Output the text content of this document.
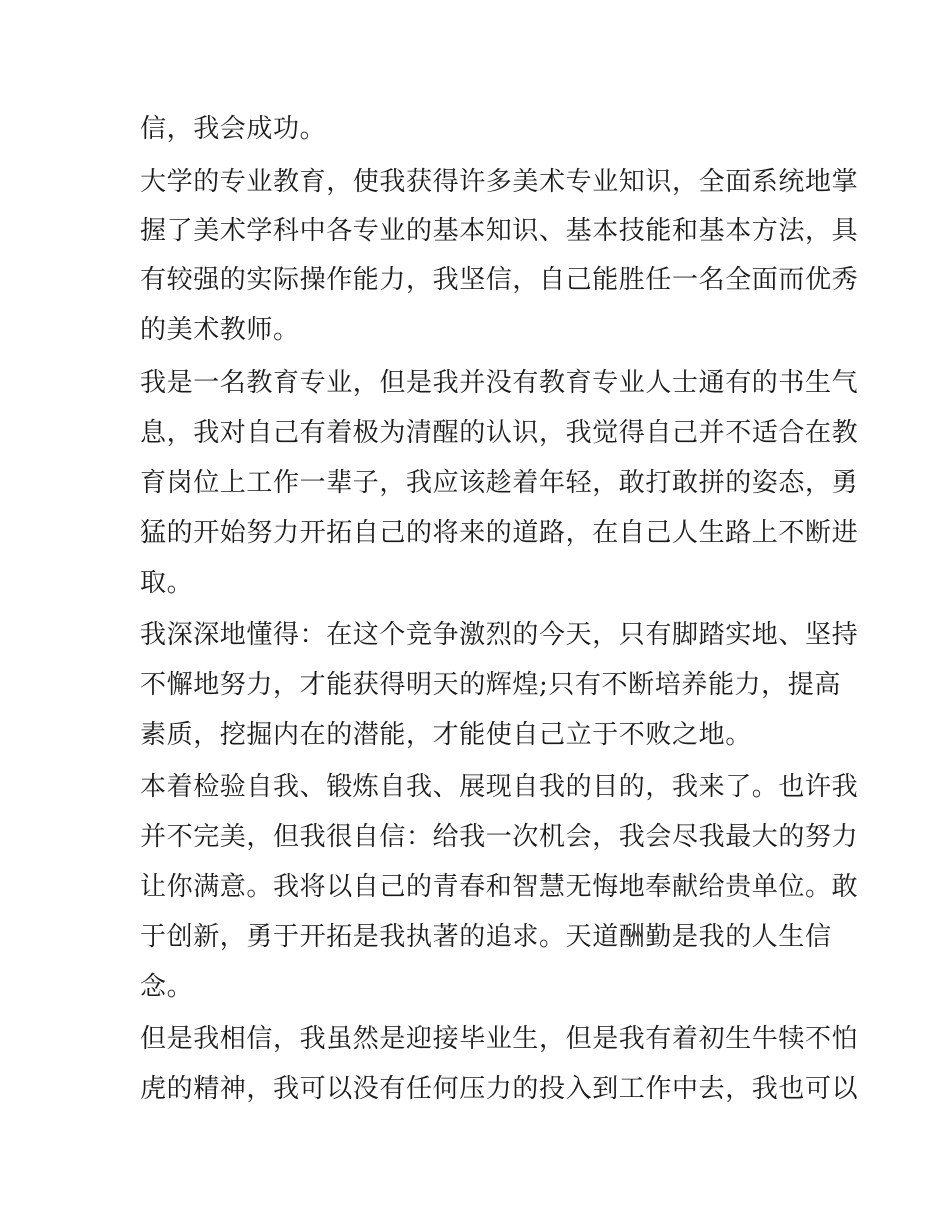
信，我会成功。
大学的专业教育，使我获得许多美术专业知识，全面系统地掌
握了美术学科中各专业的基本知识、基本技能和基本方法，具
有较强的实际操作能力，我坚信，自己能胜任一名全面而优秀
的美术教师。
我是一名教育专业，但是我并没有教育专业人士通有的书生气
息，我对自己有着极为清醒的认识，我觉得自己并不适合在教
育岗位上工作一辈子，我应该趁着年轻，敢打敢拼的姿态，勇
猛的开始努力开拓自己的将来的道路，在自己人生路上不断进
取。
我深深地懂得：在这个竞争激烈的今天，只有脚踏实地、坚持
不懈地努力，才能获得明天的辉煌;只有不断培养能力，提高
素质，挖掘内在的潜能，才能使自己立于不败之地。
本着检验自我、锻炼自我、展现自我的目的，我来了。也许我
并不完美，但我很自信：给我一次机会，我会尽我最大的努力
让你满意。我将以自己的青春和智慧无悔地奉献给贵单位。敢
于创新，勇于开拓是我执著的追求。天道酬勤是我的人生信
念。
但是我相信，我虽然是迎接毕业生，但是我有着初生牛犊不怕
虎的精神，我可以没有任何压力的投入到工作中去，我也可以
